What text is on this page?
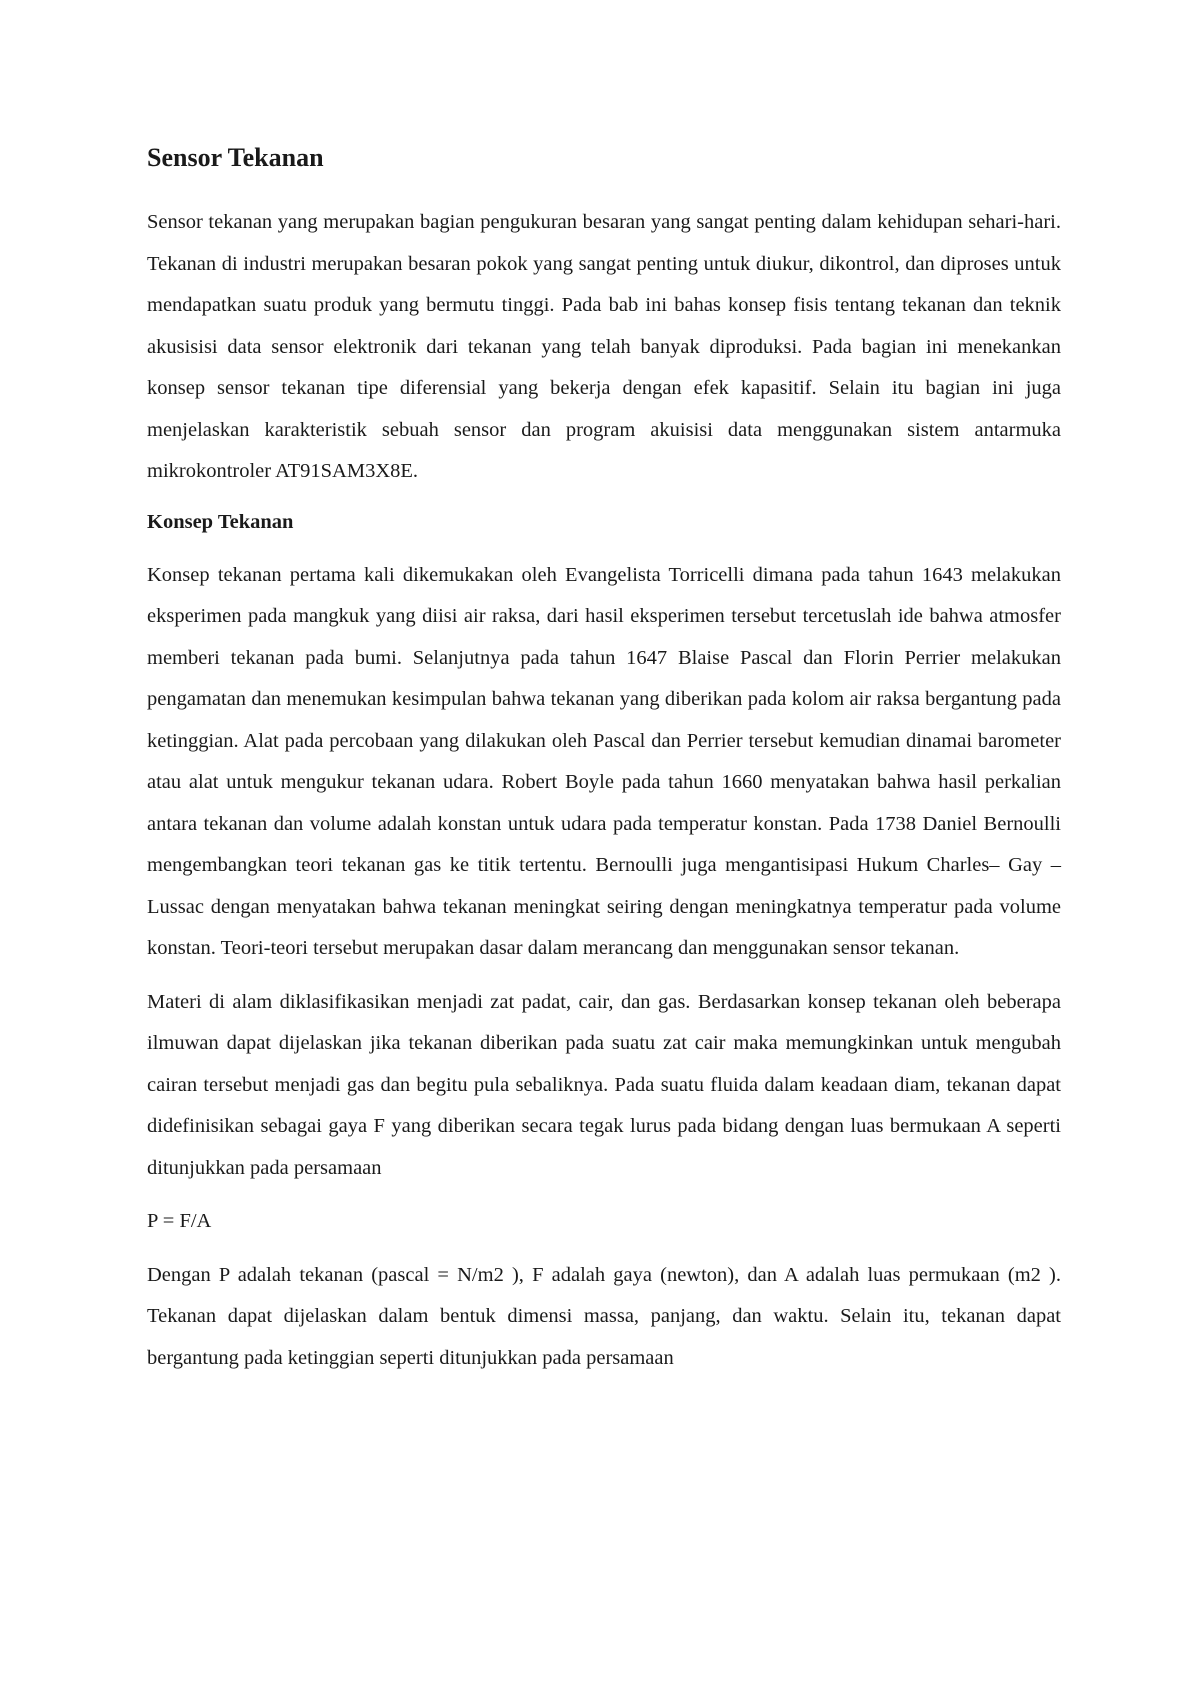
Sensor Tekanan

Sensor tekanan yang merupakan bagian pengukuran besaran yang sangat penting dalam kehidupan sehari-hari. Tekanan di industri merupakan besaran pokok yang sangat penting untuk diukur, dikontrol, dan diproses untuk mendapatkan suatu produk yang bermutu tinggi. Pada bab ini bahas konsep fisis tentang tekanan dan teknik akusisisi data sensor elektronik dari tekanan yang telah banyak diproduksi. Pada bagian ini menekankan konsep sensor tekanan tipe diferensial yang bekerja dengan efek kapasitif. Selain itu bagian ini juga menjelaskan karakteristik sebuah sensor dan program akuisisi data menggunakan sistem antarmuka mikrokontroler AT91SAM3X8E.

Konsep Tekanan

Konsep tekanan pertama kali dikemukakan oleh Evangelista Torricelli dimana pada tahun 1643 melakukan eksperimen pada mangkuk yang diisi air raksa, dari hasil eksperimen tersebut tercetuslah ide bahwa atmosfer memberi tekanan pada bumi. Selanjutnya pada tahun 1647 Blaise Pascal dan Florin Perrier melakukan pengamatan dan menemukan kesimpulan bahwa tekanan yang diberikan pada kolom air raksa bergantung pada ketinggian. Alat pada percobaan yang dilakukan oleh Pascal dan Perrier tersebut kemudian dinamai barometer atau alat untuk mengukur tekanan udara. Robert Boyle pada tahun 1660 menyatakan bahwa hasil perkalian antara tekanan dan volume adalah konstan untuk udara pada temperatur konstan. Pada 1738 Daniel Bernoulli mengembangkan teori tekanan gas ke titik tertentu. Bernoulli juga mengantisipasi Hukum Charles– Gay – Lussac dengan menyatakan bahwa tekanan meningkat seiring dengan meningkatnya temperatur pada volume konstan. Teori-teori tersebut merupakan dasar dalam merancang dan menggunakan sensor tekanan.

Materi di alam diklasifikasikan menjadi zat padat, cair, dan gas. Berdasarkan konsep tekanan oleh beberapa ilmuwan dapat dijelaskan jika tekanan diberikan pada suatu zat cair maka memungkinkan untuk mengubah cairan tersebut menjadi gas dan begitu pula sebaliknya. Pada suatu fluida dalam keadaan diam, tekanan dapat didefinisikan sebagai gaya F yang diberikan secara tegak lurus pada bidang dengan luas bermukaan A seperti ditunjukkan pada persamaan

P = F/A

Dengan P adalah tekanan (pascal = N/m2 ), F adalah gaya (newton), dan A adalah luas permukaan (m2 ). Tekanan dapat dijelaskan dalam bentuk dimensi massa, panjang, dan waktu. Selain itu, tekanan dapat bergantung pada ketinggian seperti ditunjukkan pada persamaan
